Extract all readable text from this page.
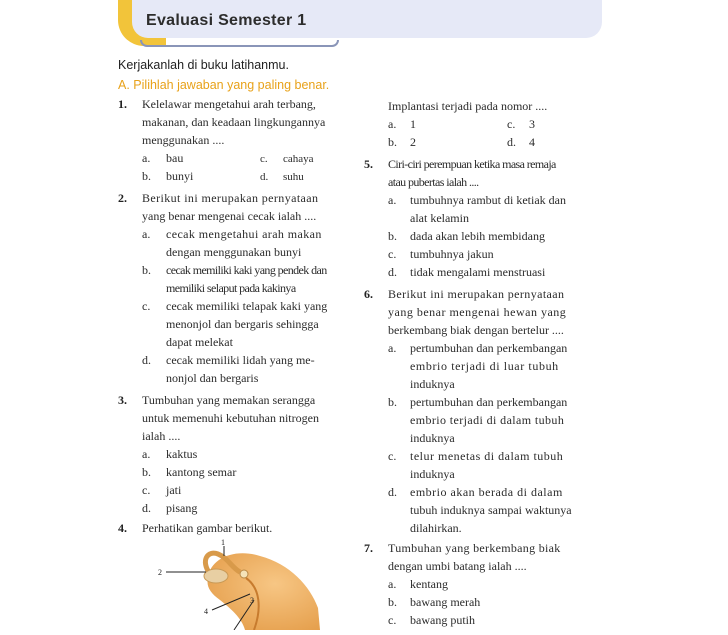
Evaluasi Semester 1
Kerjakanlah di buku latihanmu.
A. Pilihlah jawaban yang paling benar.
1. Kelelawar mengetahui arah terbang,
makanan, dan keadaan lingkungannya
menggunakan ....
a. bau	c. cahaya
b. bunyi	d. suhu
2. Berikut ini merupakan pernyataan
yang benar mengenai cecak ialah ....
a. cecak mengetahui arah makan
dengan menggunakan bunyi
b. cecak memiliki kaki yang pendek dan
memiliki selaput pada kakinya
c. cecak memiliki telapak kaki yang
menonjol dan bergaris sehingga
dapat melekat
d. cecak memiliki lidah yang me-
nonjol dan bergaris
3. Tumbuhan yang memakan serangga
untuk memenuhi kebutuhan nitrogen
ialah ....
a. kaktus
b. kantong semar
c. jati
d. pisang
4. Perhatikan gambar berikut.
1
2
3
4
Implantasi terjadi pada nomor ....
a. 1	c. 3
b. 2	d. 4
5. Ciri-ciri perempuan ketika masa remaja
atau pubertas ialah ....
a. tumbuhnya rambut di ketiak dan
alat kelamin
b. dada akan lebih membidang
c. tumbuhnya jakun
d. tidak mengalami menstruasi
6. Berikut ini merupakan pernyataan
yang benar mengenai hewan yang
berkembang biak dengan bertelur ....
a. pertumbuhan dan perkembangan
embrio terjadi di luar tubuh
induknya
b. pertumbuhan dan perkembangan
embrio terjadi di dalam tubuh
induknya
c. telur menetas di dalam tubuh
induknya
d. embrio akan berada di dalam
tubuh induknya sampai waktunya
dilahirkan.
7. Tumbuhan yang berkembang biak
dengan umbi batang ialah ....
a. kentang
b. bawang merah
c. bawang putih
